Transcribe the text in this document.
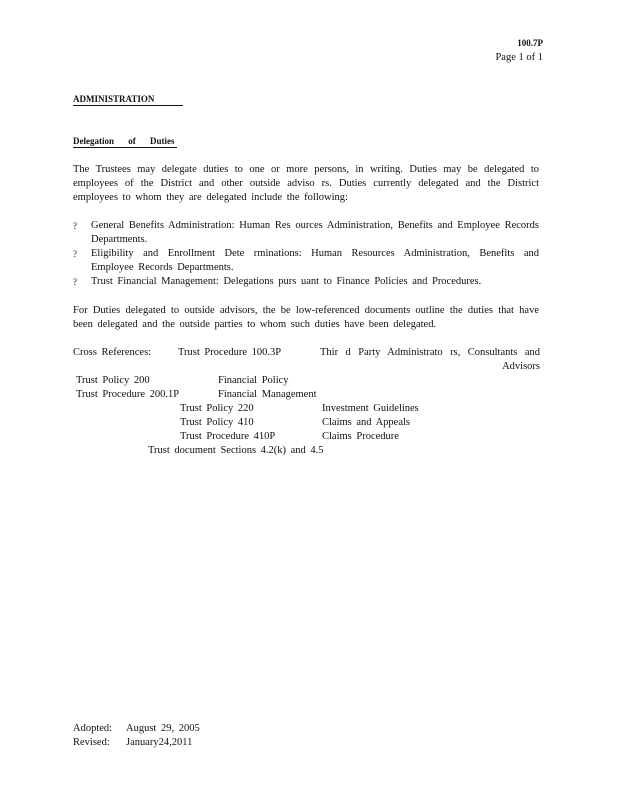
100.7P
Page 1 of 1
ADMINISTRATION
Delegation of Duties

The Trustees may delegate duties to one or more persons, in writing. Duties may be delegated to employees of the District and other outside adviso rs. Duties currently delegated and the District employees to whom they are delegated include the following:

? General Benefits Administration: Human Res ources Administration, Benefits and Employee Records Departments.
? Eligibility and Enrollment Dete rminations: Human Resources Administration, Benefits and Employee Records Departments.
? Trust Financial Management: Delegations purs uant to Finance Policies and Procedures.

For Duties delegated to outside advisors, the be low-referenced documents outline the duties that have been delegated and the outside parties to whom such duties have been delegated.

Cross References:	Trust Procedure 100.3P	Thir d Party Administrato rs, Consultants and Advisors
Trust Policy 200	Financial Policy
Trust Procedure 200.1P	Financial Management
Trust Policy 220	Investment Guidelines
Trust Policy 410	Claims and Appeals
Trust Procedure 410P	Claims Procedure
Trust document Sections 4.2(k) and 4.5
Adopted: August 29, 2005
Revised: January24,2011
